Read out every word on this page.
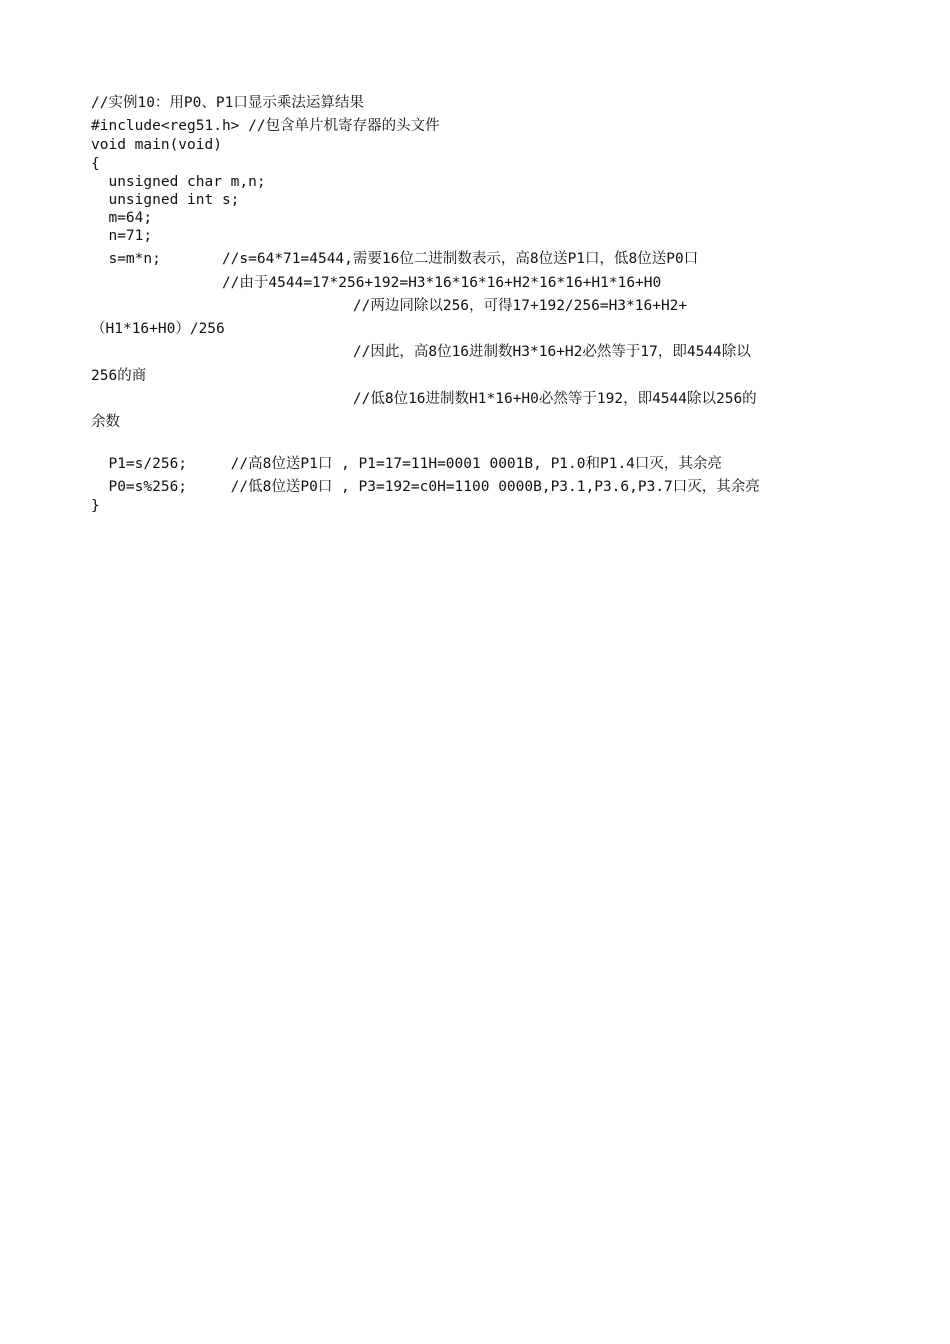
//实例10：用P0、P1口显示乘法运算结果
#include<reg51.h> //包含单片机寄存器的头文件
void main(void)
{
unsigned char m,n;
unsigned int s;
m=64;
n=71;
s=m*n;       //s=64*71=4544,需要16位二进制数表示，高8位送P1口，低8位送P0口
//由于4544=17*256+192=H3*16*16*16+H2*16*16+H1*16+H0
//两边同除以256，可得17+192/256=H3*16+H2+
（H1*16+H0）/256
//因此，高8位16进制数H3*16+H2必然等于17，即4544除以
256的商
//低8位16进制数H1*16+H0必然等于192，即4544除以256的
余数
P1=s/256;     //高8位送P1口 , P1=17=11H=0001 0001B, P1.0和P1.4口灭，其余亮
P0=s%256;     //低8位送P0口 , P3=192=c0H=1100 0000B,P3.1,P3.6,P3.7口灭，其余亮
}
